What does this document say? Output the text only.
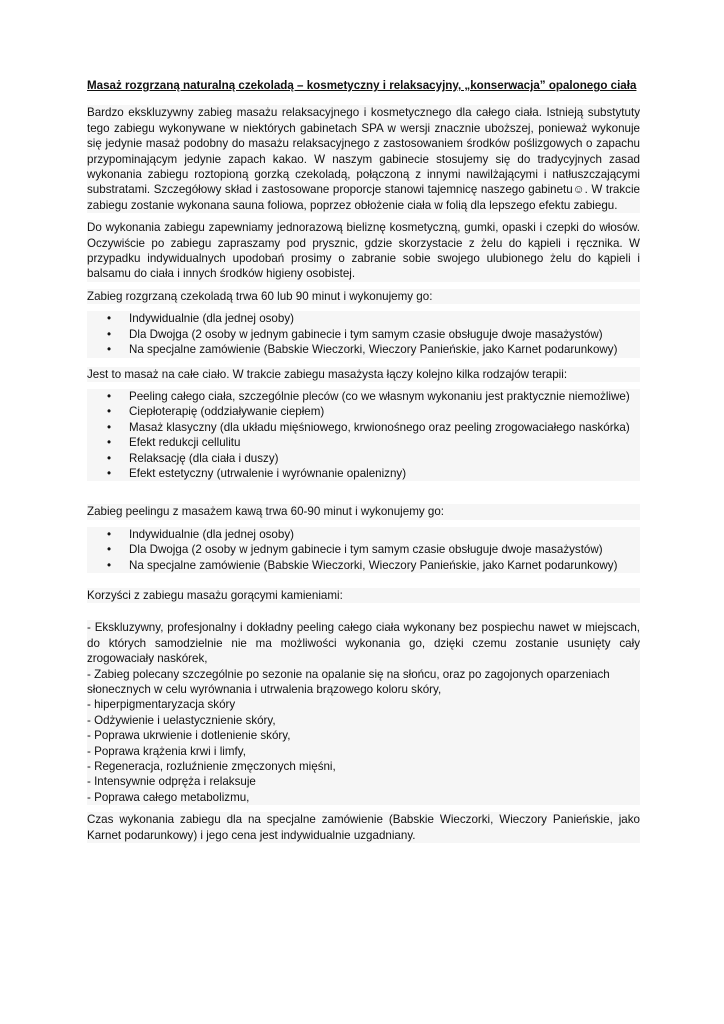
Masaż rozgrzaną naturalną czekoladą – kosmetyczny i relaksacyjny, „konserwacja” opalonego ciała

Bardzo ekskluzywny zabieg masażu relaksacyjnego i kosmetycznego dla całego ciała. Istnieją substytuty tego zabiegu wykonywane w niektórych gabinetach SPA w wersji znacznie uboższej, ponieważ wykonuje się jedynie masaż podobny do masażu relaksacyjnego z zastosowaniem środków poślizgowych o zapachu przypominającym jedynie zapach kakao. W naszym gabinecie stosujemy się do tradycyjnych zasad wykonania zabiegu roztopioną gorzką czekoladą, połączoną z innymi nawilżającymi i natłuszczającymi substratami. Szczegółowy skład i zastosowane proporcje stanowi tajemnicę naszego gabinetu☺. W trakcie zabiegu zostanie wykonana sauna foliowa, poprzez obłożenie ciała w folią dla lepszego efektu zabiegu.

Do wykonania zabiegu zapewniamy jednorazową bieliznę kosmetyczną, gumki, opaski i czepki do włosów. Oczywiście po zabiegu zapraszamy pod prysznic, gdzie skorzystacie z żelu do kąpieli i ręcznika. W przypadku indywidualnych upodobań prosimy o zabranie sobie swojego ulubionego żelu do kąpieli i balsamu do ciała i innych środków higieny osobistej.

Zabieg rozgrzaną czekoladą trwa 60 lub 90 minut i wykonujemy go:

• Indywidualnie (dla jednej osoby)
• Dla Dwojga (2 osoby w jednym gabinecie i tym samym czasie obsługuje dwoje masażystów)
• Na specjalne zamówienie (Babskie Wieczorki, Wieczory Panieńskie, jako Karnet podarunkowy)

Jest to masaż na całe ciało. W trakcie zabiegu masażysta łączy kolejno kilka rodzajów terapii:

• Peeling całego ciała, szczególnie pleców (co we własnym wykonaniu jest praktycznie niemożliwe)
• Ciepłoterapię (oddziaływanie ciepłem)
• Masaż klasyczny (dla układu mięśniowego, krwionośnego oraz peeling zrogowaciałego naskórka)
• Efekt redukcji cellulitu
• Relaksację (dla ciała i duszy)
• Efekt estetyczny (utrwalenie i wyrównanie opalenizny)

Zabieg peelingu z masażem kawą trwa 60-90 minut i wykonujemy go:

• Indywidualnie (dla jednej osoby)
• Dla Dwojga (2 osoby w jednym gabinecie i tym samym czasie obsługuje dwoje masażystów)
• Na specjalne zamówienie (Babskie Wieczorki, Wieczory Panieńskie, jako Karnet podarunkowy)

Korzyści z zabiegu masażu gorącymi kamieniami:

- Ekskluzywny, profesjonalny i dokładny peeling całego ciała wykonany bez pospiechu nawet w miejscach, do których samodzielnie nie ma możliwości wykonania go, dzięki czemu zostanie usunięty cały zrogowaciały naskórek,
- Zabieg polecany szczególnie po sezonie na opalanie się na słońcu, oraz po zagojonych oparzeniach słonecznych w celu wyrównania i utrwalenia brązowego koloru skóry,
- hiperpigmentaryzacja skóry
- Odżywienie i uelastycznienie skóry,
- Poprawa ukrwienie i dotlenienie skóry,
- Poprawa krążenia krwi i limfy,
- Regeneracja, rozluźnienie zmęczonych mięśni,
- Intensywnie odpręża i relaksuje
- Poprawa całego metabolizmu,

Czas wykonania zabiegu dla na specjalne zamówienie (Babskie Wieczorki, Wieczory Panieńskie, jako Karnet podarunkowy) i jego cena jest indywidualnie uzgadniany.
